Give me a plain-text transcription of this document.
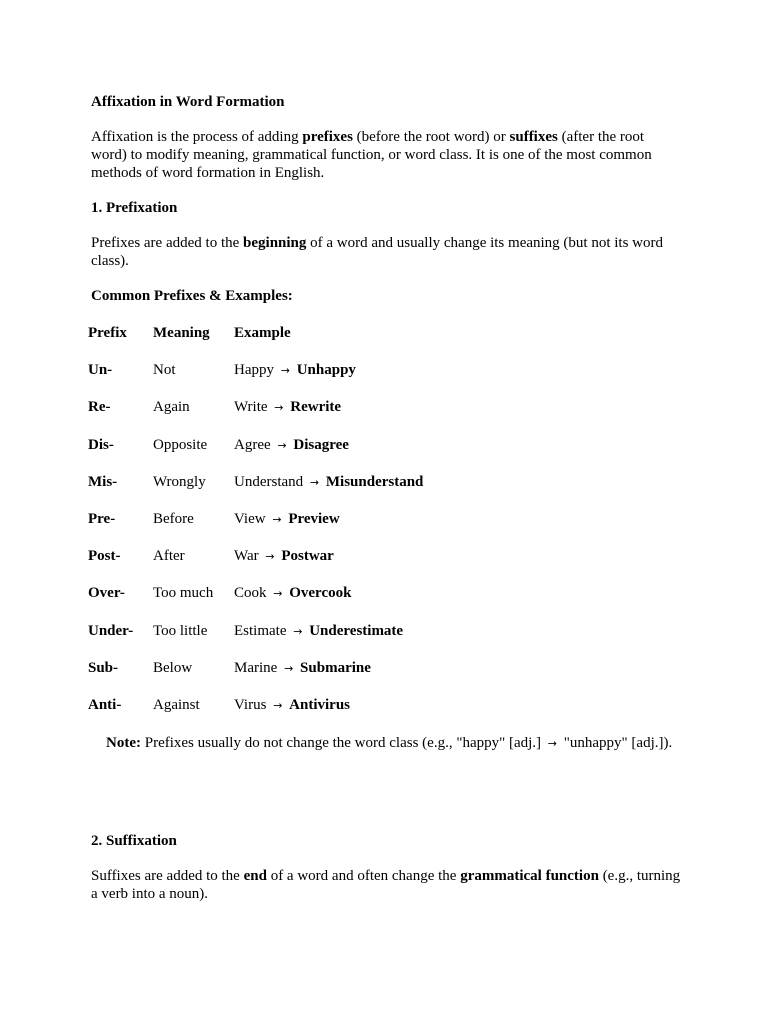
Affixation in Word Formation

Affixation is the process of adding prefixes (before the root word) or suffixes (after the root word) to modify meaning, grammatical function, or word class. It is one of the most common methods of word formation in English.

1. Prefixation

Prefixes are added to the beginning of a word and usually change its meaning (but not its word class).

Common Prefixes & Examples:

Prefix	Meaning	Example
Un-	Not	Happy → Unhappy
Re-	Again	Write → Rewrite
Dis-	Opposite	Agree → Disagree
Mis-	Wrongly	Understand → Misunderstand
Pre-	Before	View → Preview
Post-	After	War → Postwar
Over-	Too much	Cook → Overcook
Under-	Too little	Estimate → Underestimate
Sub-	Below	Marine → Submarine
Anti-	Against	Virus → Antivirus

Note: Prefixes usually do not change the word class (e.g., "happy" [adj.] → "unhappy" [adj.]).

2. Suffixation

Suffixes are added to the end of a word and often change the grammatical function (e.g., turning a verb into a noun).
